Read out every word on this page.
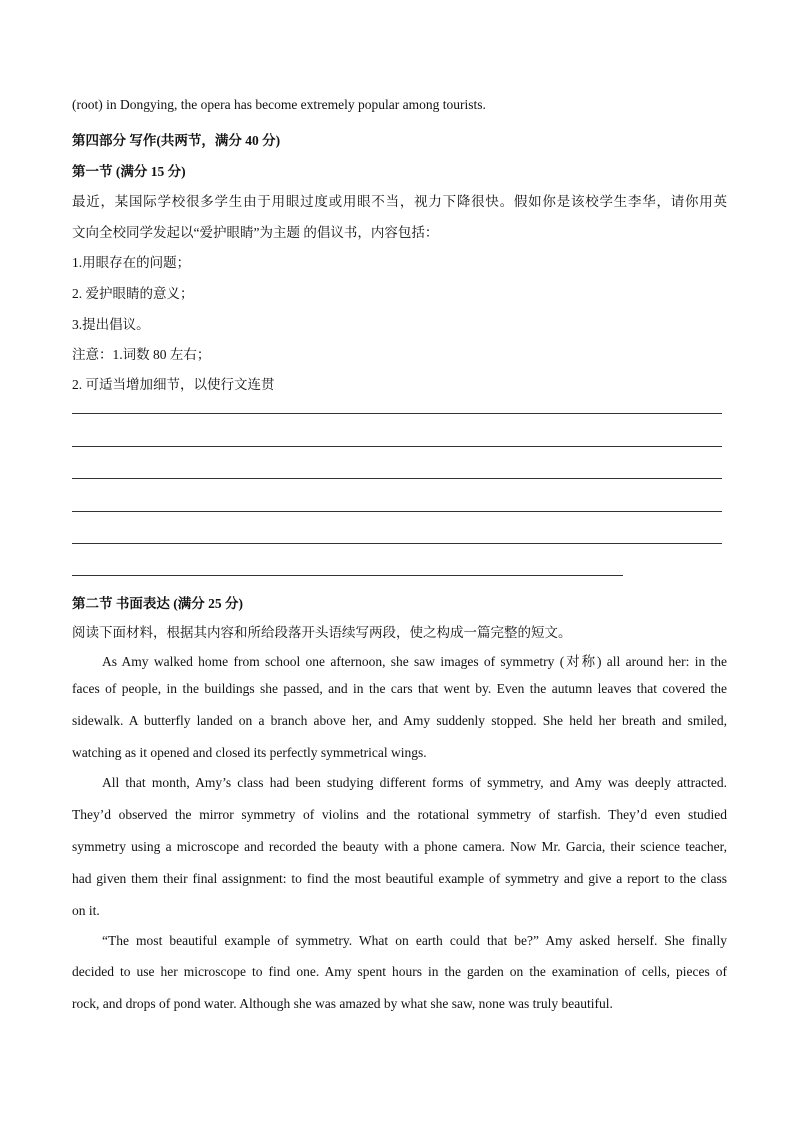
(root) in Dongying, the opera has become extremely popular among tourists.
第四部分 写作(共两节，满分 40 分)
第一节 (满分 15 分)
最近，某国际学校很多学生由于用眼过度或用眼不当，视力下降很快。假如你是该校学生李华，请你用英
文向全校同学发起以“爱护眼睛”为主题 的倡议书，内容包括：
1.用眼存在的问题；
2. 爱护眼睛的意义；
3.提出倡议。
注意：1.词数 80 左右；
2. 可适当增加细节，以使行文连贯
第二节 书面表达 (满分 25 分)
阅读下面材料，根据其内容和所给段落开头语续写两段，使之构成一篇完整的短文。
As Amy walked home from school one afternoon, she saw images of symmetry (对称) all around her: in the
faces of people, in the buildings she passed, and in the cars that went by. Even the autumn leaves that covered the
sidewalk. A butterfly landed on a branch above her, and Amy suddenly stopped. She held her breath and smiled,
watching as it opened and closed its perfectly symmetrical wings.
All that month, Amy’s class had been studying different forms of symmetry, and Amy was deeply attracted.
They’d observed the mirror symmetry of violins and the rotational symmetry of starfish. They’d even studied
symmetry using a microscope and recorded the beauty with a phone camera. Now Mr. Garcia, their science teacher,
had given them their final assignment: to find the most beautiful example of symmetry and give a report to the class
on it.
“The most beautiful example of symmetry. What on earth could that be?” Amy asked herself. She finally
decided to use her microscope to find one. Amy spent hours in the garden on the examination of cells, pieces of
rock, and drops of pond water. Although she was amazed by what she saw, none was truly beautiful.
